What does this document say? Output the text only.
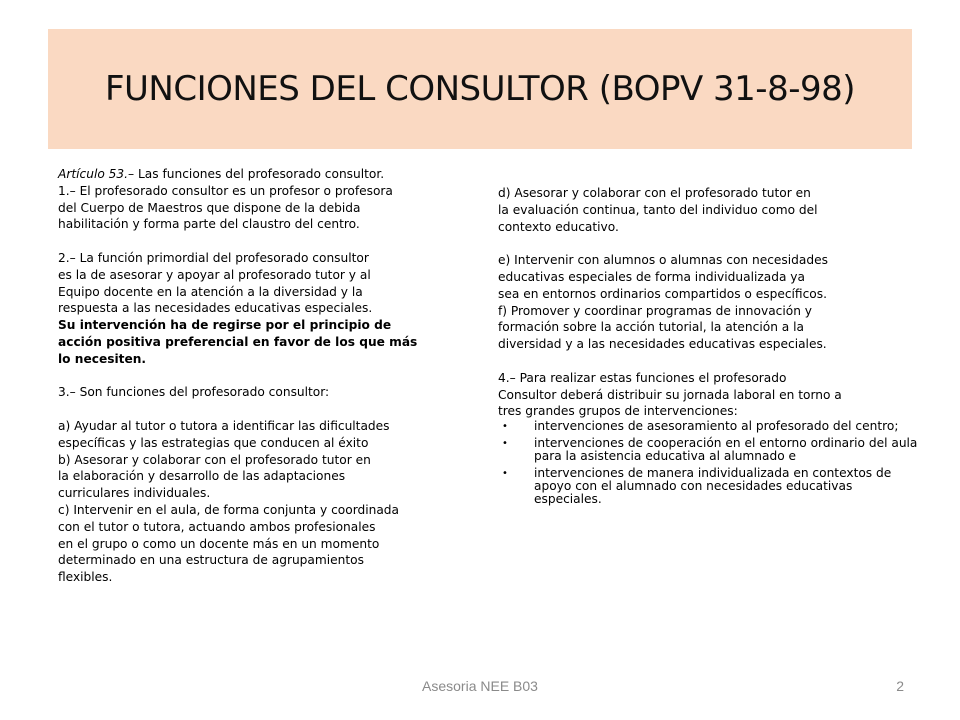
FUNCIONES DEL CONSULTOR (BOPV 31-8-98)
Artículo 53.– Las funciones del profesorado consultor.
1.– El profesorado consultor es un profesor o profesora
del Cuerpo de Maestros que dispone de la debida
habilitación y forma parte del claustro del centro.
2.– La función primordial del profesorado consultor
es la de asesorar y apoyar al profesorado tutor y al
Equipo docente en la atención a la diversidad y la
respuesta a las necesidades educativas especiales.
Su intervención ha de regirse por el principio de
acción positiva preferencial en favor de los que más
lo necesiten.
3.– Son funciones del profesorado consultor:
a) Ayudar al tutor o tutora a identificar las dificultades
específicas y las estrategias que conducen al éxito
b) Asesorar y colaborar con el profesorado tutor en
la elaboración y desarrollo de las adaptaciones
curriculares individuales.
c) Intervenir en el aula, de forma conjunta y coordinada
con el tutor o tutora, actuando ambos profesionales
en el grupo o como un docente más en un momento
determinado en una estructura de agrupamientos
flexibles.
d) Asesorar y colaborar con el profesorado tutor en
la evaluación continua, tanto del individuo como del
contexto educativo.
e) Intervenir con alumnos o alumnas con necesidades
educativas especiales de forma individualizada ya
sea en entornos ordinarios compartidos o específicos.
f) Promover y coordinar programas de innovación y
formación sobre la acción tutorial, la atención a la
diversidad y a las necesidades educativas especiales.
4.– Para realizar estas funciones el profesorado
Consultor deberá distribuir su jornada laboral en torno a
tres grandes grupos de intervenciones:
• intervenciones de asesoramiento al profesorado del centro;
• intervenciones de cooperación en el entorno ordinario del aula para la asistencia educativa al alumnado e
• intervenciones de manera individualizada en contextos de apoyo con el alumnado con necesidades educativas especiales.
Asesoria NEE B03	2
